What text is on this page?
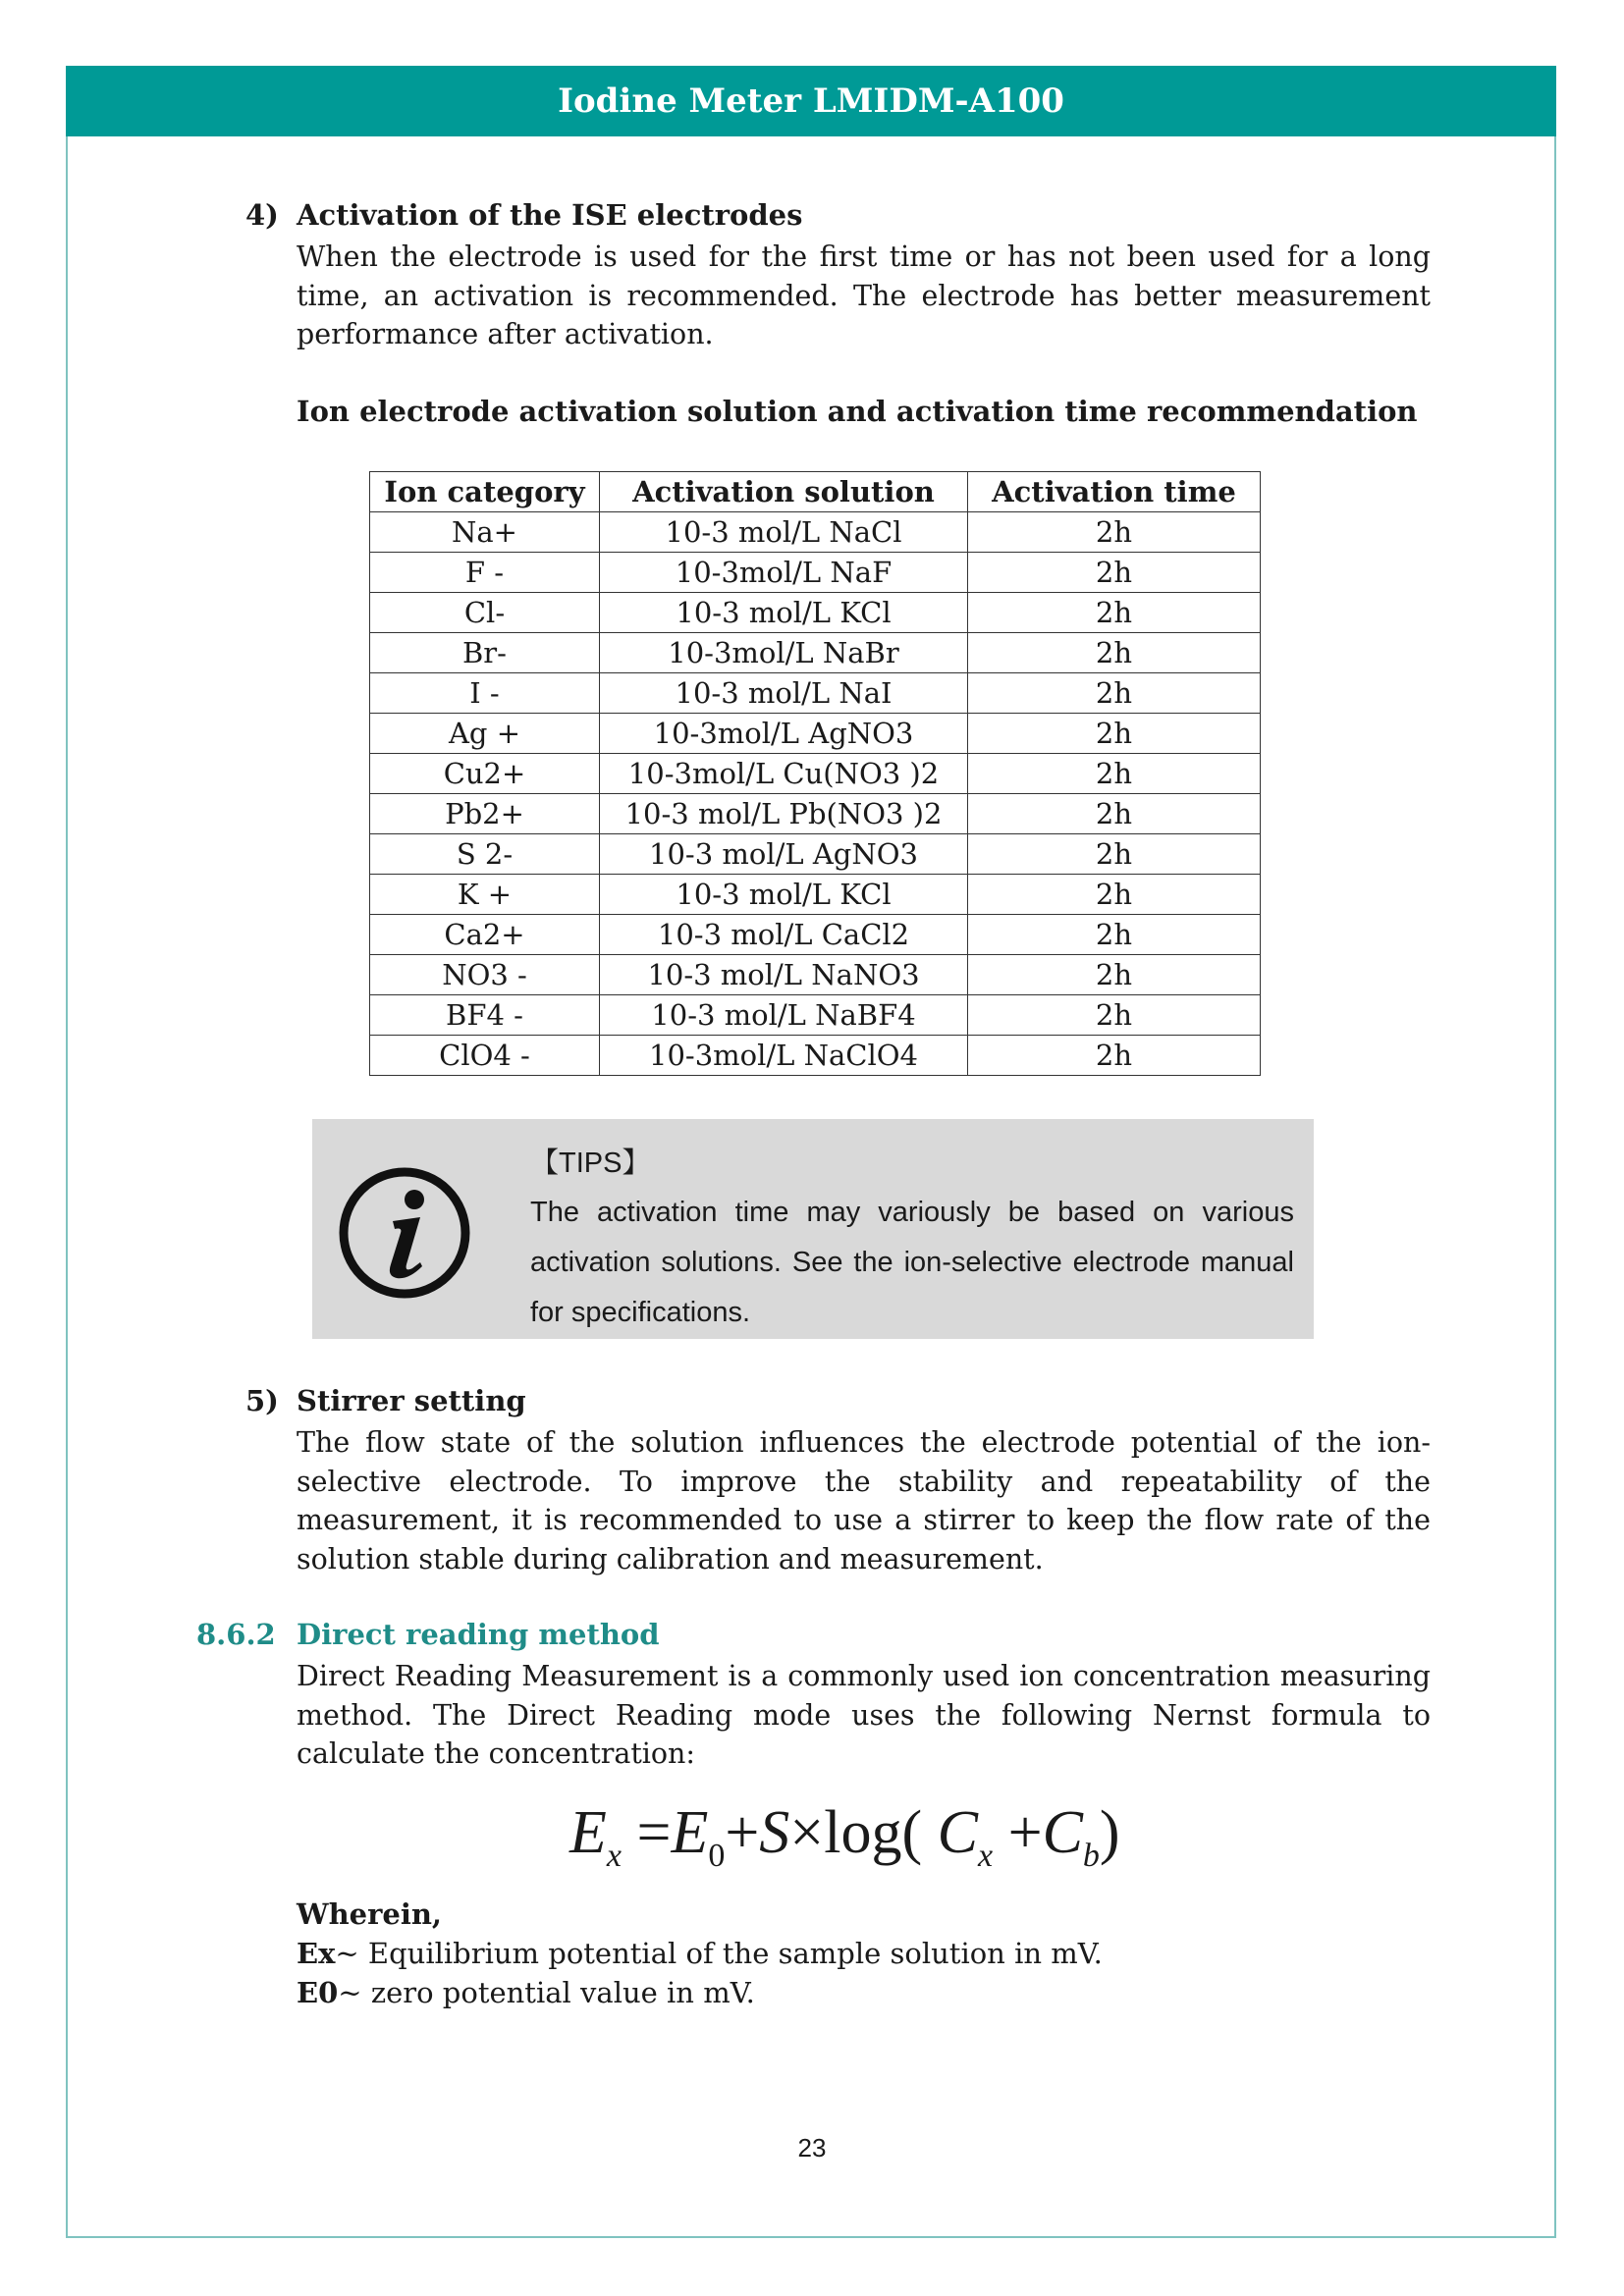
Iodine Meter LMIDM-A100
4) Activation of the ISE electrodes
When the electrode is used for the first time or has not been used for a long time, an activation is recommended. The electrode has better measurement performance after activation.
Ion electrode activation solution and activation time recommendation
Ion category	Activation solution	Activation time
Na+	10-3 mol/L NaCl	2h
F -	10-3mol/L NaF	2h
Cl-	10-3 mol/L KCl	2h
Br-	10-3mol/L NaBr	2h
I -	10-3 mol/L NaI	2h
Ag +	10-3mol/L AgNO3	2h
Cu2+	10-3mol/L Cu(NO3 )2	2h
Pb2+	10-3 mol/L Pb(NO3 )2	2h
S 2-	10-3 mol/L AgNO3	2h
K +	10-3 mol/L KCl	2h
Ca2+	10-3 mol/L CaCl2	2h
NO3 -	10-3 mol/L NaNO3	2h
BF4 -	10-3 mol/L NaBF4	2h
ClO4 -	10-3mol/L NaClO4	2h
【TIPS】
The activation time may variously be based on various activation solutions. See the ion-selective electrode manual for specifications.
5) Stirrer setting
The flow state of the solution influences the electrode potential of the ion-selective electrode. To improve the stability and repeatability of the measurement, it is recommended to use a stirrer to keep the flow rate of the solution stable during calibration and measurement.
8.6.2 Direct reading method
Direct Reading Measurement is a commonly used ion concentration measuring method. The Direct Reading mode uses the following Nernst formula to calculate the concentration:
$E_x =E_0+S\times\log$( $C_x +C_b$)
Wherein,
Ex~ Equilibrium potential of the sample solution in mV.
E0~ zero potential value in mV.
23
